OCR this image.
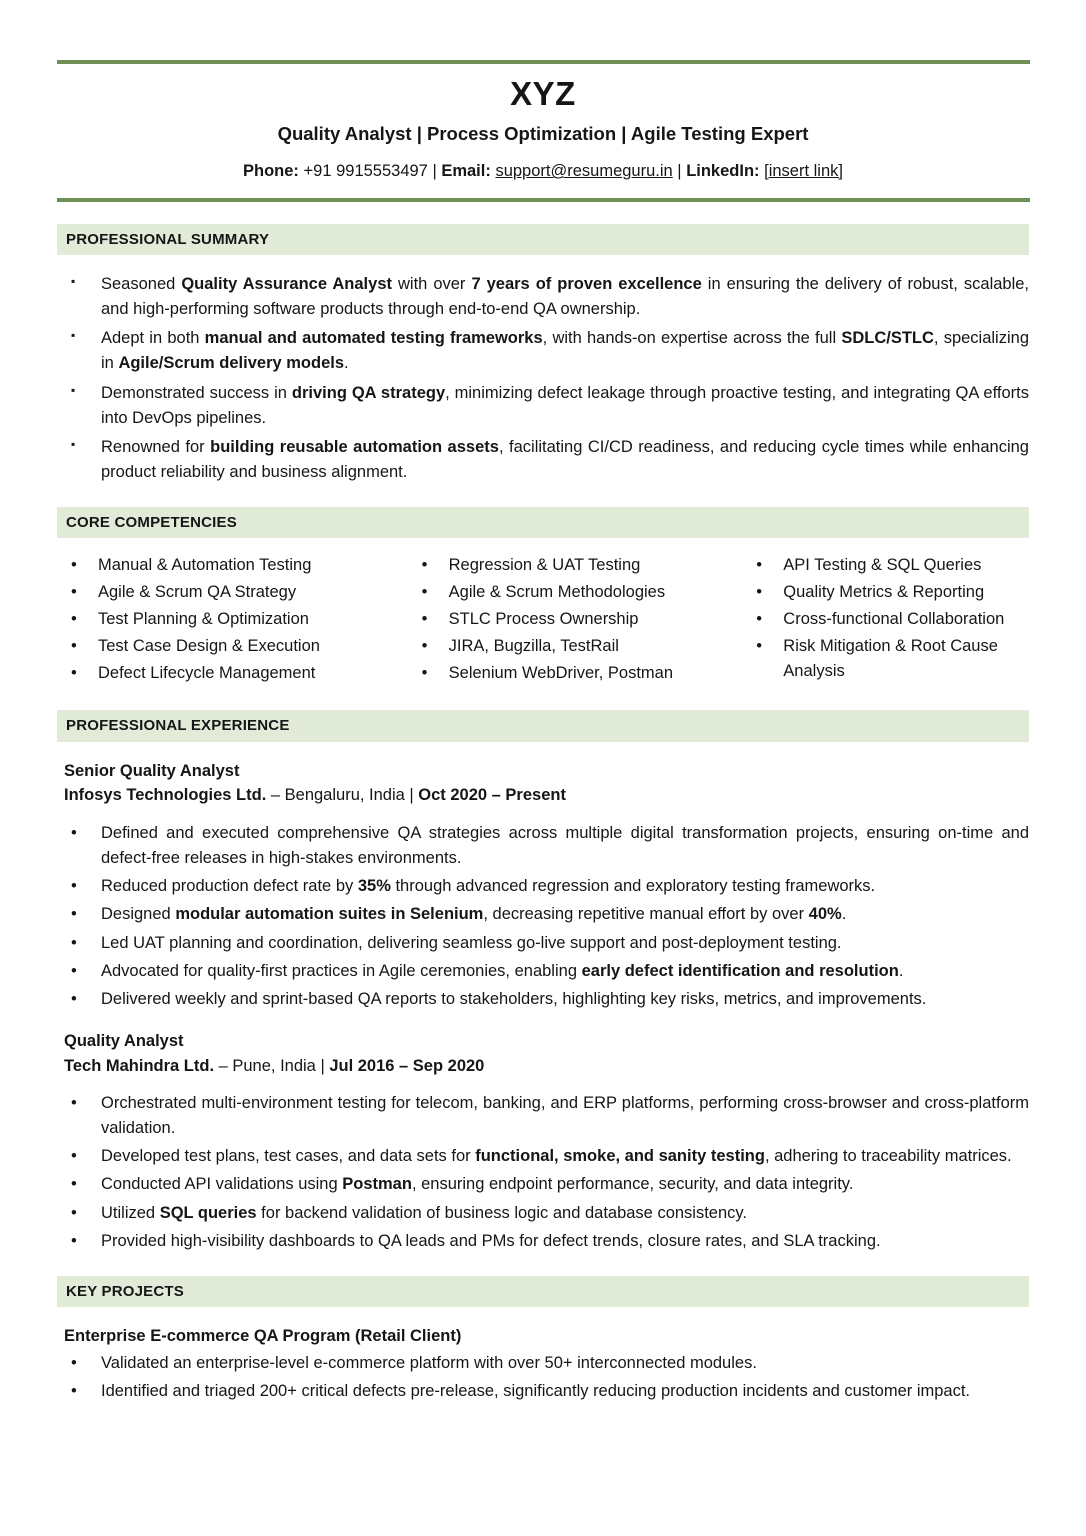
XYZ
Quality Analyst | Process Optimization | Agile Testing Expert
Phone: +91 9915553497 | Email: support@resumeguru.in | LinkedIn: [insert link]
PROFESSIONAL SUMMARY
▪ Seasoned Quality Assurance Analyst with over 7 years of proven excellence in ensuring the delivery of robust, scalable, and high-performing software products through end-to-end QA ownership.
▪ Adept in both manual and automated testing frameworks, with hands-on expertise across the full SDLC/STLC, specializing in Agile/Scrum delivery models.
▪ Demonstrated success in driving QA strategy, minimizing defect leakage through proactive testing, and integrating QA efforts into DevOps pipelines.
▪ Renowned for building reusable automation assets, facilitating CI/CD readiness, and reducing cycle times while enhancing product reliability and business alignment.
CORE COMPETENCIES
• Manual & Automation Testing
• Agile & Scrum QA Strategy
• Test Planning & Optimization
• Test Case Design & Execution
• Defect Lifecycle Management
• Regression & UAT Testing
• Agile & Scrum Methodologies
• STLC Process Ownership
• JIRA, Bugzilla, TestRail
• Selenium WebDriver, Postman
• API Testing & SQL Queries
• Quality Metrics & Reporting
• Cross-functional Collaboration
• Risk Mitigation & Root Cause Analysis
PROFESSIONAL EXPERIENCE
Senior Quality Analyst
Infosys Technologies Ltd. – Bengaluru, India | Oct 2020 – Present
• Defined and executed comprehensive QA strategies across multiple digital transformation projects, ensuring on-time and defect-free releases in high-stakes environments.
• Reduced production defect rate by 35% through advanced regression and exploratory testing frameworks.
• Designed modular automation suites in Selenium, decreasing repetitive manual effort by over 40%.
• Led UAT planning and coordination, delivering seamless go-live support and post-deployment testing.
• Advocated for quality-first practices in Agile ceremonies, enabling early defect identification and resolution.
• Delivered weekly and sprint-based QA reports to stakeholders, highlighting key risks, metrics, and improvements.
Quality Analyst
Tech Mahindra Ltd. – Pune, India | Jul 2016 – Sep 2020
• Orchestrated multi-environment testing for telecom, banking, and ERP platforms, performing cross-browser and cross-platform validation.
• Developed test plans, test cases, and data sets for functional, smoke, and sanity testing, adhering to traceability matrices.
• Conducted API validations using Postman, ensuring endpoint performance, security, and data integrity.
• Utilized SQL queries for backend validation of business logic and database consistency.
• Provided high-visibility dashboards to QA leads and PMs for defect trends, closure rates, and SLA tracking.
KEY PROJECTS
Enterprise E-commerce QA Program (Retail Client)
• Validated an enterprise-level e-commerce platform with over 50+ interconnected modules.
• Identified and triaged 200+ critical defects pre-release, significantly reducing production incidents and customer impact.
